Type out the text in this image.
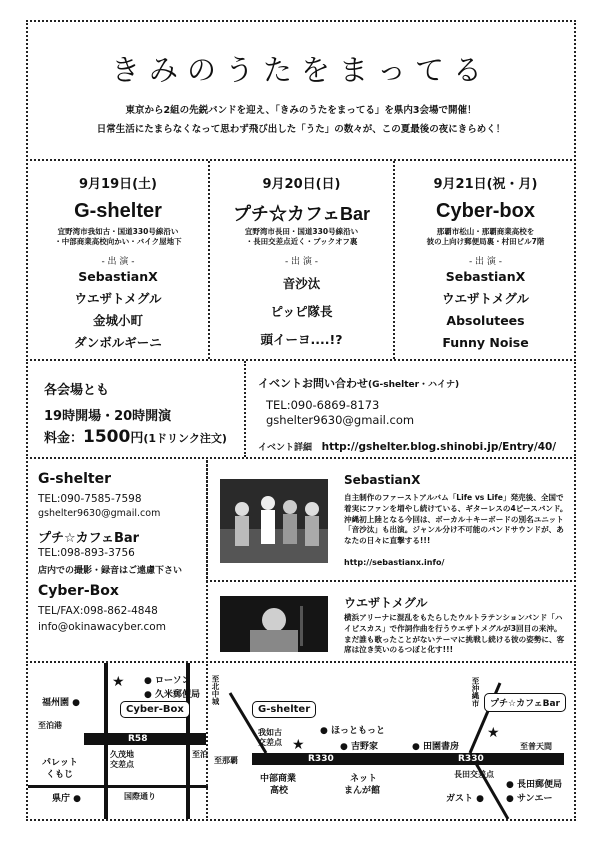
きみのうたをまってる
東京から2組の先鋭バンドを迎え、「きみのうたをまってる」を県内3会場で開催！
日常生活にたまらなくなって思わず飛び出した「うた」の数々が、この夏最後の夜にきらめく！
9月19日(土)
G-shelter
宜野湾市我如古・国道330号線沿い
・中部商業高校向かい・バイク屋地下
- 出 演 -
SebastianX
ウエザトメグル
金城小町
ダンボルギーニ
9月20日(日)
プチ☆カフェBar
宜野湾市長田・国道330号線沿い
・長田交差点近く・ブックオフ裏
- 出 演 -
音沙汰
ピッピ隊長
頭イーヨ....!?
9月21日(祝・月)
Cyber-box
那覇市松山・那覇商業高校を
彼の上向け郵便局裏・村田ビル7階
- 出 演 -
SebastianX
ウエザトメグル
Absolutees
Funny Noise
各会場とも
19時開場・20時開演
料金：1500円(1ドリンク注文)
イベントお問い合わせ(G-shelter・ハイナ)
TEL:090-6869-8173
gshelter9630@gmail.com
イベント詳細 http://gshelter.blog.shinobi.jp/Entry/40/
G-shelter
TEL:090-7585-7598
gshelter9630@gmail.com
プチ☆カフェBar
TEL:098-893-3756
店内での撮影・録音はご遠慮下さい
Cyber-Box
TEL/FAX:098-862-4848
info@okinawacyber.com
SebastianX
自主制作のファーストアルバム「Life vs Life」発売後、全国で着実にファンを増やし続けている、ギターレスの4ピースバンド。沖縄初上陸となる今回は、ボーカル＋キーボードの別名ユニット「音沙汰」も出演。ジャンル分け不可能のバンドサウンドが、あなたの日々に直撃する!!!
http://sebastianx.info/
ウエザトメグル
横浜アリーナに混乱をもたらしたウルトラテンションバンド「ハイビスカス」で作詞作曲を行うウエザトメグルが3回目の来沖。まだ誰も歌ったことがないテーマに挑戦し続ける彼の姿勢に、客席は泣き笑いのるつぼと化す!!!
● ローソン
● 久米郵便局
★
福州園 ●
Cyber-Box
至泊港
R58
久茂地
交差点
至泊
パレット
くもじ
県庁 ●	国際通り
至北中城
G-shelter
我如古
交差点 ★
● ほっともっと
● 吉野家	● 田園書房
プチ☆カフェBar
至沖縄市
★
至普天間
至那覇	R330	R330
中部商業
高校
ネット
まんが館
長田交差点
● 長田郵便局
ガスト ● ● サンエー
